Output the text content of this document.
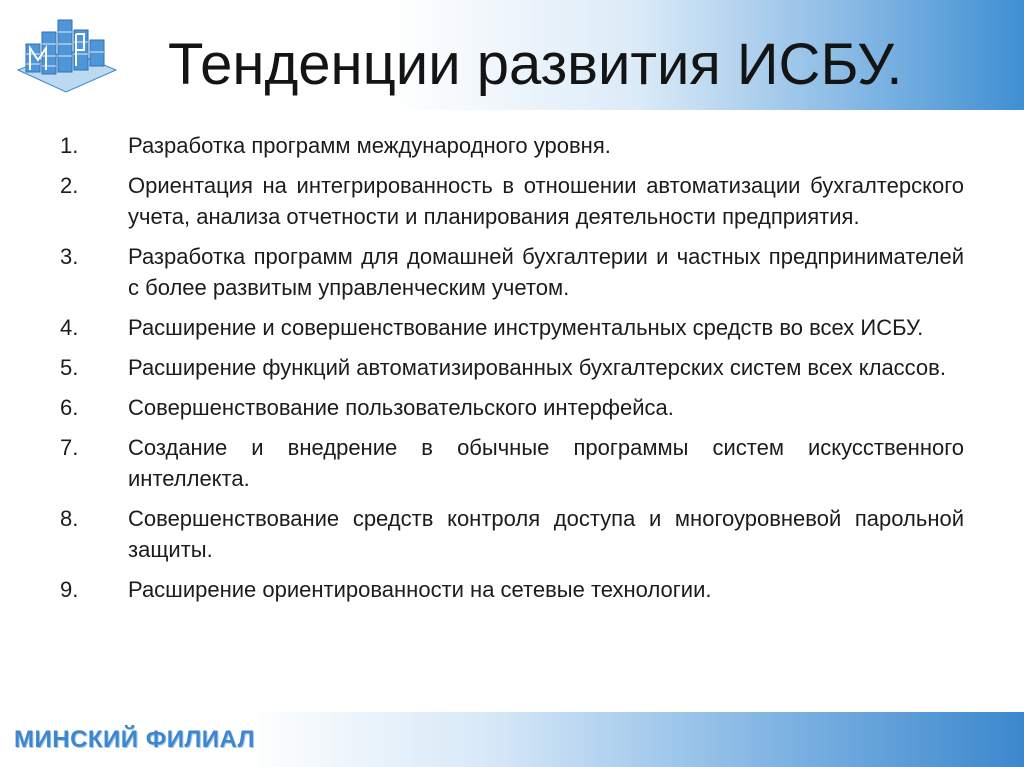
Тенденции развития ИСБУ.
1.	Разработка программ международного уровня.
2.	Ориентация на интегрированность в отношении автоматизации бухгалтерского учета, анализа отчетности и планирования деятельности предприятия.
3.	Разработка программ для домашней бухгалтерии и частных предпринимателей с более развитым управленческим учетом.
4.	Расширение и совершенствование инструментальных средств во всех ИСБУ.
5.	Расширение функций автоматизированных бухгалтерских систем всех классов.
6.	Совершенствование пользовательского интерфейса.
7.	Создание и внедрение в обычные программы систем искусственного интеллекта.
8.	Совершенствование средств контроля доступа и многоуровневой парольной защиты.
9.	Расширение ориентированности на сетевые технологии.
МИНСКИЙ ФИЛИАЛ
